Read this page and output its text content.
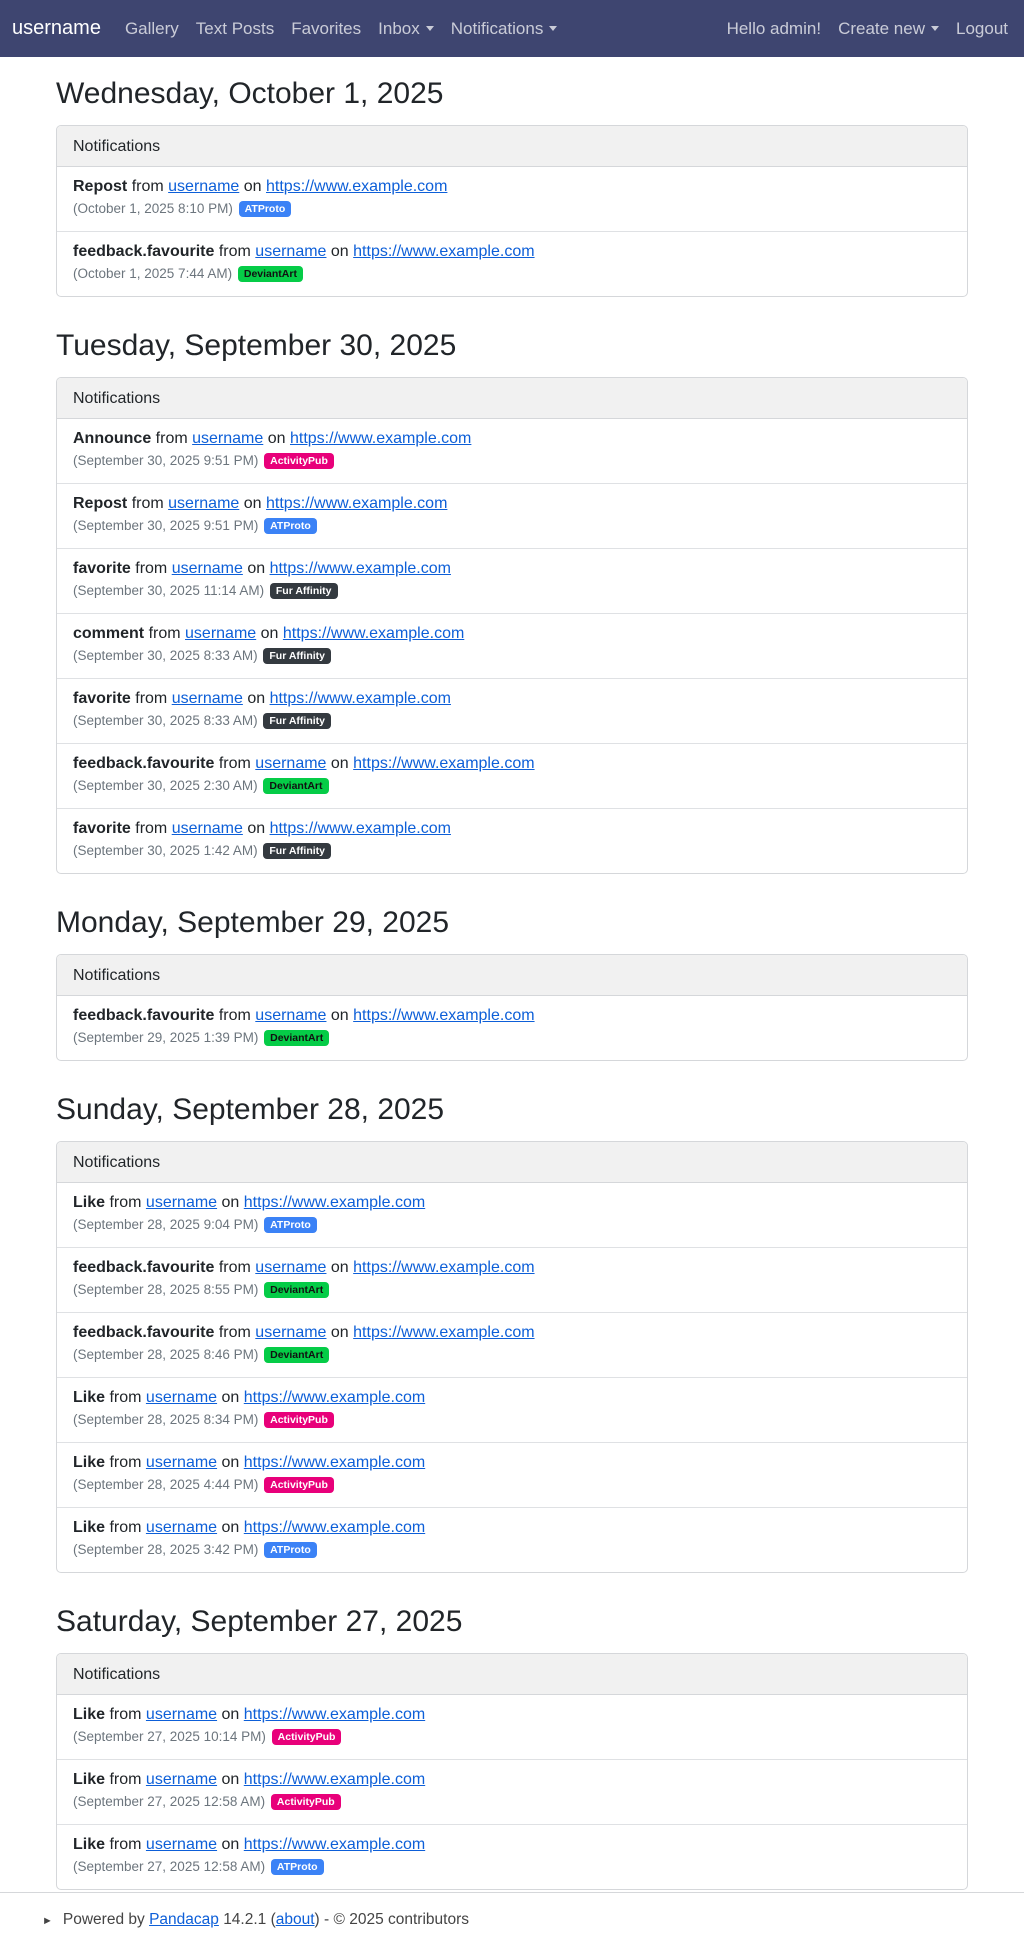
username Gallery Text Posts Favorites Inbox	Notifications	Hello admin! Create new	Logout
Wednesday, October 1, 2025
Notifications
Repost from username on https://www.example.com
(October 1, 2025 8:10 PM) ATProto
feedback.favourite from username on https://www.example.com
(October 1, 2025 7:44 AM) DeviantArt
Tuesday, September 30, 2025
Notifications
Announce from username on https://www.example.com
(September 30, 2025 9:51 PM) ActivityPub
Repost from username on https://www.example.com
(September 30, 2025 9:51 PM) ATProto
favorite from username on https://www.example.com
(September 30, 2025 11:14 AM) Fur Affinity
comment from username on https://www.example.com
(September 30, 2025 8:33 AM) Fur Affinity
favorite from username on https://www.example.com
(September 30, 2025 8:33 AM) Fur Affinity
feedback.favourite from username on https://www.example.com
(September 30, 2025 2:30 AM) DeviantArt
favorite from username on https://www.example.com
(September 30, 2025 1:42 AM) Fur Affinity
Monday, September 29, 2025
Notifications
feedback.favourite from username on https://www.example.com
(September 29, 2025 1:39 PM) DeviantArt
Sunday, September 28, 2025
Notifications
Like from username on https://www.example.com
(September 28, 2025 9:04 PM) ATProto
feedback.favourite from username on https://www.example.com
(September 28, 2025 8:55 PM) DeviantArt
feedback.favourite from username on https://www.example.com
(September 28, 2025 8:46 PM) DeviantArt
Like from username on https://www.example.com
(September 28, 2025 8:34 PM) ActivityPub
Like from username on https://www.example.com
(September 28, 2025 4:44 PM) ActivityPub
Like from username on https://www.example.com
(September 28, 2025 3:42 PM) ATProto
Saturday, September 27, 2025
Notifications
Like from username on https://www.example.com
(September 27, 2025 10:14 PM) ActivityPub
Like from username on https://www.example.com
(September 27, 2025 12:58 AM) ActivityPub
Like from username on https://www.example.com
(September 27, 2025 12:58 AM) ATProto
► Powered by Pandacap 14.2.1 (about) - © 2025 contributors
